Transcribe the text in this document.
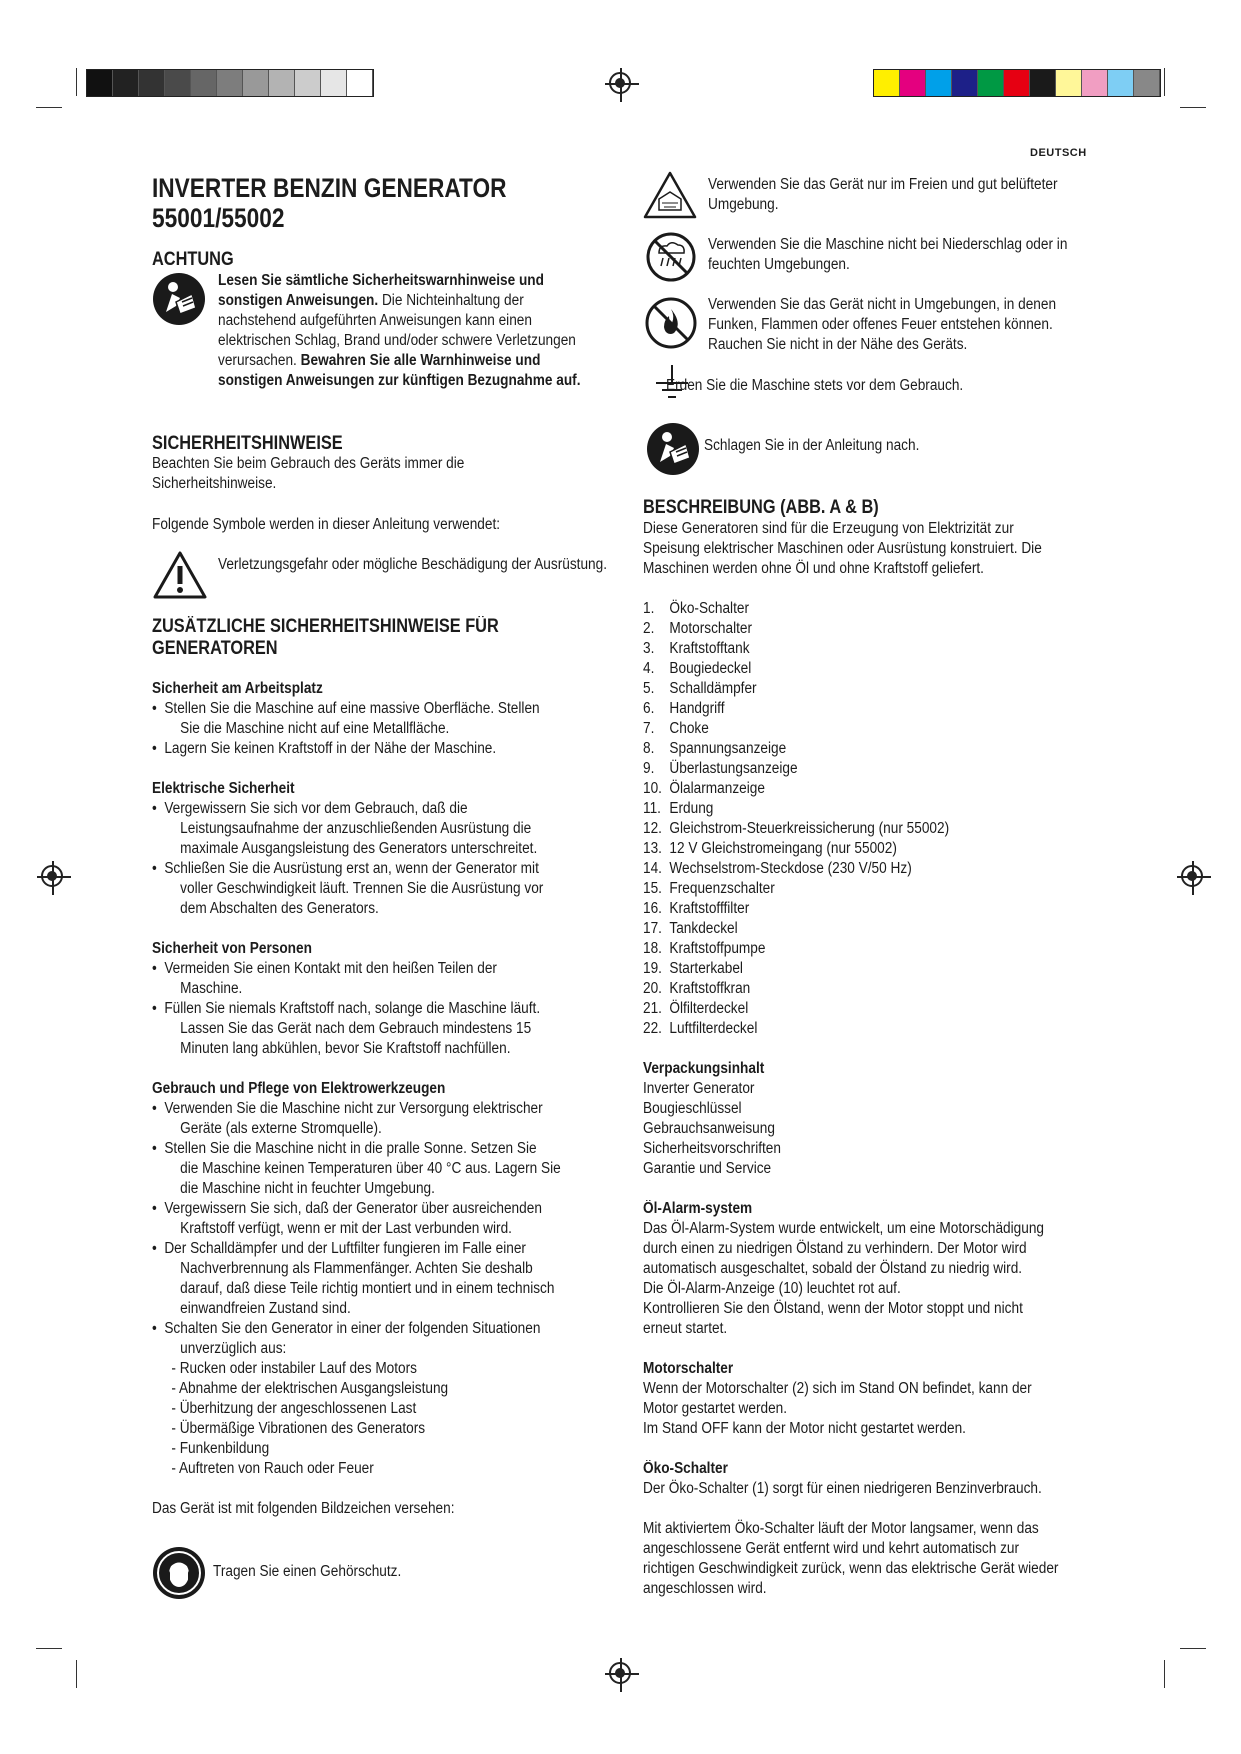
DEUTSCH
INVERTER BENZIN GENERATOR
55001/55002
ACHTUNG
Lesen Sie sämtliche Sicherheitswarnhinweise und sonstigen Anweisungen. Die Nichteinhaltung der nachstehend aufgeführten Anweisungen kann einen elektrischen Schlag, Brand und/oder schwere Verletzungen verursachen. Bewahren Sie alle Warnhinweise und sonstigen Anweisungen zur künftigen Bezugnahme auf.
SICHERHEITSHINWEISE
Beachten Sie beim Gebrauch des Geräts immer die Sicherheitshinweise.
Folgende Symbole werden in dieser Anleitung verwendet:
Verletzungsgefahr oder mögliche Beschädigung der Ausrüstung.
ZUSÄTZLICHE SICHERHEITSHINWEISE FÜR
GENERATOREN
Sicherheit am Arbeitsplatz
• Stellen Sie die Maschine auf eine massive Oberfläche. Stellen
Sie die Maschine nicht auf eine Metallfläche.
• Lagern Sie keinen Kraftstoff in der Nähe der Maschine.
Elektrische Sicherheit
• Vergewissern Sie sich vor dem Gebrauch, daß die
Leistungsaufnahme der anzuschließenden Ausrüstung die
maximale Ausgangsleistung des Generators unterschreitet.
• Schließen Sie die Ausrüstung erst an, wenn der Generator mit
voller Geschwindigkeit läuft. Trennen Sie die Ausrüstung vor
dem Abschalten des Generators.
Sicherheit von Personen
• Vermeiden Sie einen Kontakt mit den heißen Teilen der
Maschine.
• Füllen Sie niemals Kraftstoff nach, solange die Maschine läuft.
Lassen Sie das Gerät nach dem Gebrauch mindestens 15
Minuten lang abkühlen, bevor Sie Kraftstoff nachfüllen.
Gebrauch und Pflege von Elektrowerkzeugen
• Verwenden Sie die Maschine nicht zur Versorgung elektrischer
Geräte (als externe Stromquelle).
• Stellen Sie die Maschine nicht in die pralle Sonne. Setzen Sie
die Maschine keinen Temperaturen über 40 °C aus. Lagern Sie
die Maschine nicht in feuchter Umgebung.
• Vergewissern Sie sich, daß der Generator über ausreichenden
Kraftstoff verfügt, wenn er mit der Last verbunden wird.
• Der Schalldämpfer und der Luftfilter fungieren im Falle einer
Nachverbrennung als Flammenfänger. Achten Sie deshalb
darauf, daß diese Teile richtig montiert und in einem technisch
einwandfreien Zustand sind.
• Schalten Sie den Generator in einer der folgenden Situationen
unverzüglich aus:
- Rucken oder instabiler Lauf des Motors
- Abnahme der elektrischen Ausgangsleistung
- Überhitzung der angeschlossenen Last
- Übermäßige Vibrationen des Generators
- Funkenbildung
- Auftreten von Rauch oder Feuer
Das Gerät ist mit folgenden Bildzeichen versehen:
Tragen Sie einen Gehörschutz.
Verwenden Sie das Gerät nur im Freien und gut belüfteter Umgebung.
Verwenden Sie die Maschine nicht bei Niederschlag oder in feuchten Umgebungen.
Verwenden Sie das Gerät nicht in Umgebungen, in denen Funken, Flammen oder offenes Feuer entstehen können. Rauchen Sie nicht in der Nähe des Geräts.
Erden Sie die Maschine stets vor dem Gebrauch.
Schlagen Sie in der Anleitung nach.
BESCHREIBUNG (ABB. A & B)
Diese Generatoren sind für die Erzeugung von Elektrizität zur Speisung elektrischer Maschinen oder Ausrüstung konstruiert. Die Maschinen werden ohne Öl und ohne Kraftstoff geliefert.
1. Öko-Schalter
2. Motorschalter
3. Kraftstofftank
4. Bougiedeckel
5. Schalldämpfer
6. Handgriff
7. Choke
8. Spannungsanzeige
9. Überlastungsanzeige
10. Ölalarmanzeige
11. Erdung
12. Gleichstrom-Steuerkreissicherung (nur 55002)
13. 12 V Gleichstromeingang (nur 55002)
14. Wechselstrom-Steckdose (230 V/50 Hz)
15. Frequenzschalter
16. Kraftstofffilter
17. Tankdeckel
18. Kraftstoffpumpe
19. Starterkabel
20. Kraftstoffkran
21. Ölfilterdeckel
22. Luftfilterdeckel
Verpackungsinhalt
Inverter Generator
Bougieschlüssel
Gebrauchsanweisung
Sicherheitsvorschriften
Garantie und Service
Öl-Alarm-system
Das Öl-Alarm-System wurde entwickelt, um eine Motorschädigung
durch einen zu niedrigen Ölstand zu verhindern. Der Motor wird
automatisch ausgeschaltet, sobald der Ölstand zu niedrig wird.
Die Öl-Alarm-Anzeige (10) leuchtet rot auf.
Kontrollieren Sie den Ölstand, wenn der Motor stoppt und nicht
erneut startet.
Motorschalter
Wenn der Motorschalter (2) sich im Stand ON befindet, kann der
Motor gestartet werden.
Im Stand OFF kann der Motor nicht gestartet werden.
Öko-Schalter
Der Öko-Schalter (1) sorgt für einen niedrigeren Benzinverbrauch.
Mit aktiviertem Öko-Schalter läuft der Motor langsamer, wenn das
angeschlossene Gerät entfernt wird und kehrt automatisch zur
richtigen Geschwindigkeit zurück, wenn das elektrische Gerät wieder
angeschlossen wird.
